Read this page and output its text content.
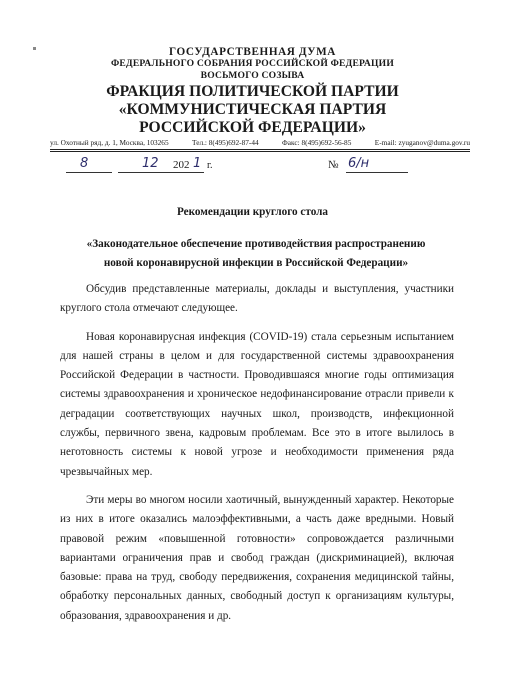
ГОСУДАРСТВЕННАЯ ДУМА
ФЕДЕРАЛЬНОГО СОБРАНИЯ РОССИЙСКОЙ ФЕДЕРАЦИИ
ВОСЬМОГО СОЗЫВА
ФРАКЦИЯ ПОЛИТИЧЕСКОЙ ПАРТИИ
«КОММУНИСТИЧЕСКАЯ ПАРТИЯ
РОССИЙСКОЙ ФЕДЕРАЦИИ»
ул. Охотный ряд, д. 1, Москва, 103265	Тел.: 8(495)692-87-44	Факс: 8(495)692-56-85	E-mail: zyuganov@duma.gov.ru
8	12 202 1 г.	№ 6/н
Рекомендации круглого стола
«Законодательное обеспечение противодействия распространению новой коронавирусной инфекции в Российской Федерации»

Обсудив представленные материалы, доклады и выступления, участники круглого стола отмечают следующее.

Новая коронавирусная инфекция (COVID-19) стала серьезным испытанием для нашей страны в целом и для государственной системы здравоохранения Российской Федерации в частности. Проводившаяся многие годы оптимизация системы здравоохранения и хроническое недофинансирование отрасли привели к деградации соответствующих научных школ, производств, инфекционной службы, первичного звена, кадровым проблемам. Все это в итоге вылилось в неготовность системы к новой угрозе и необходимости применения ряда чрезвычайных мер.

Эти меры во многом носили хаотичный, вынужденный характер. Некоторые из них в итоге оказались малоэффективными, а часть даже вредными. Новый правовой режим «повышенной готовности» сопровождается различными вариантами ограничения прав и свобод граждан (дискриминацией), включая базовые: права на труд, свободу передвижения, сохранения медицинской тайны, обработку персональных данных, свободный доступ к организациям культуры, образования, здравоохранения и др.
